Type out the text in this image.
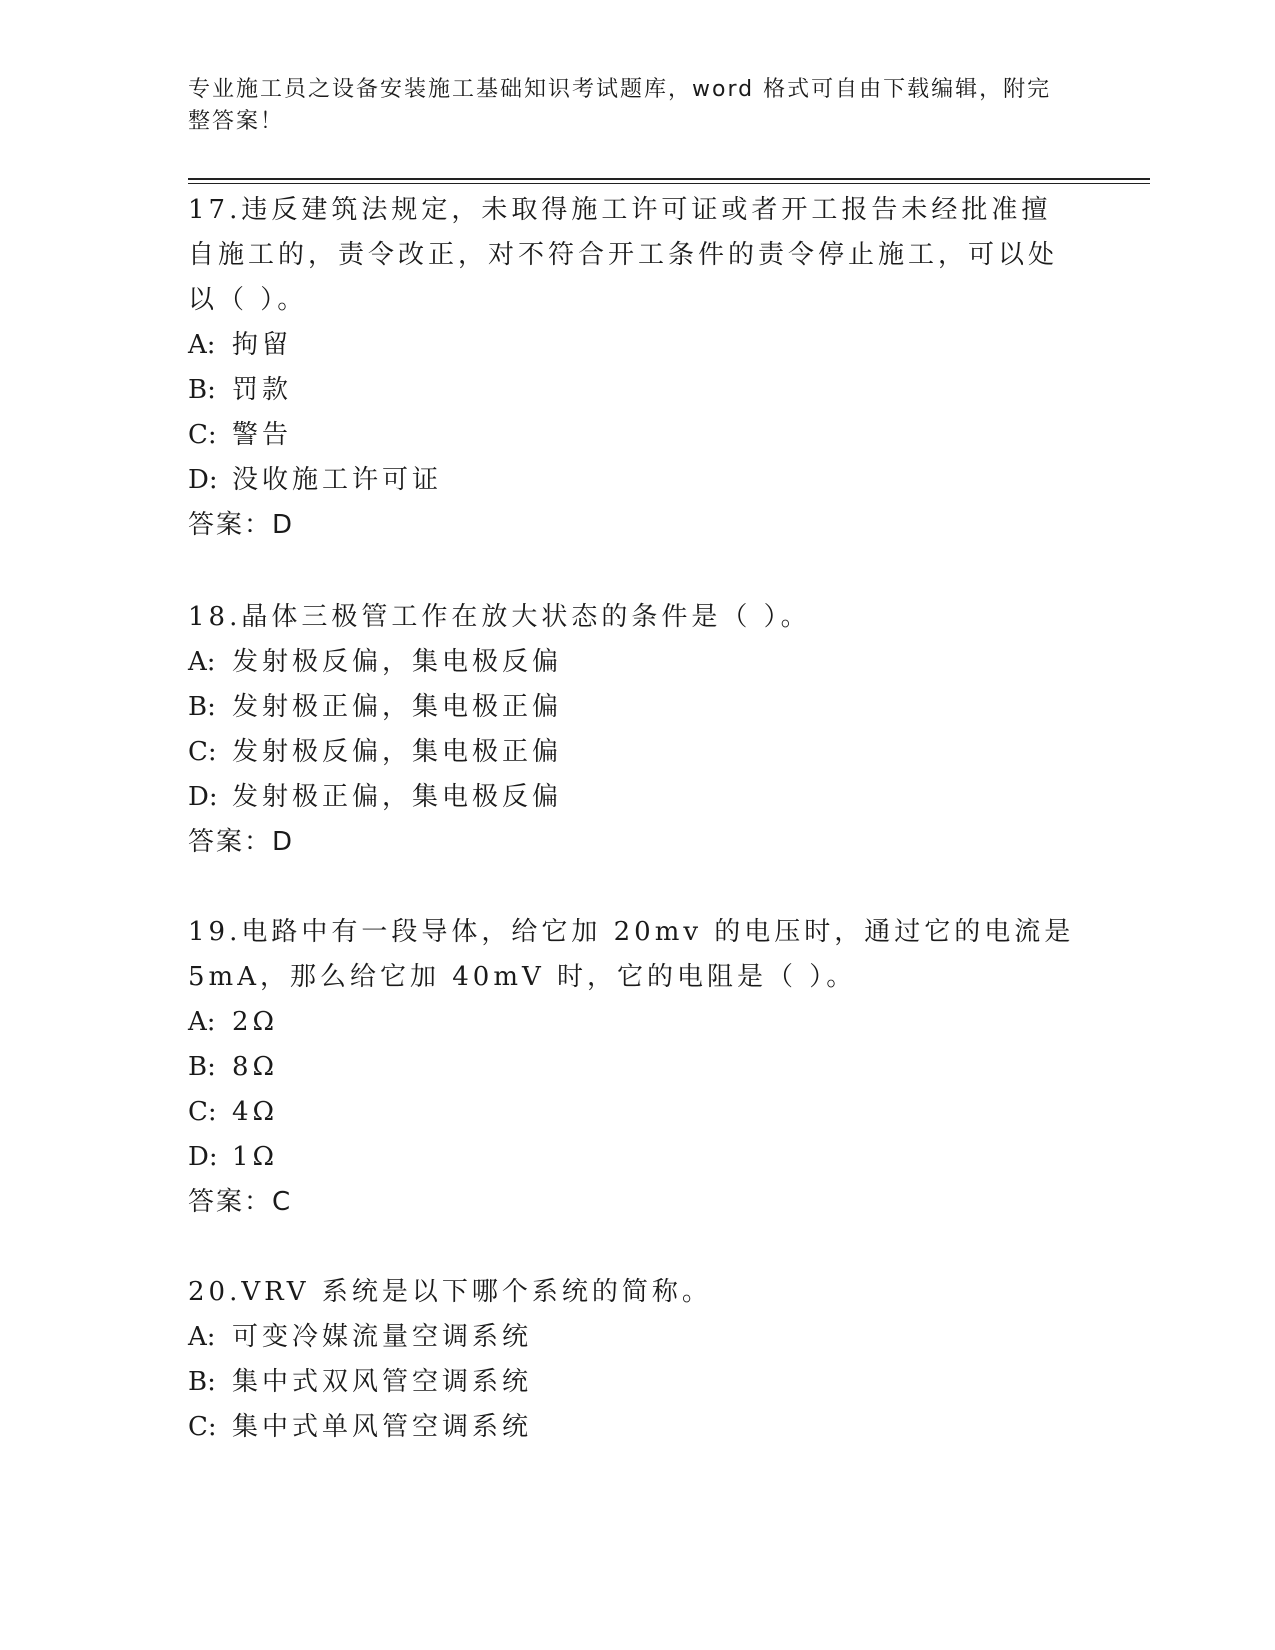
专业施工员之设备安装施工基础知识考试题库，word 格式可自由下载编辑，附完整答案！

17.违反建筑法规定，未取得施工许可证或者开工报告未经批准擅自施工的，责令改正，对不符合开工条件的责令停止施工，可以处以（ ）。

A: 拘留
B: 罚款
C: 警告
D: 没收施工许可证
答案：D

18.晶体三极管工作在放大状态的条件是（ ）。

A: 发射极反偏，集电极反偏
B: 发射极正偏，集电极正偏
C: 发射极反偏，集电极正偏
D: 发射极正偏，集电极反偏
答案：D

19.电路中有一段导体，给它加 20mv 的电压时，通过它的电流是 5mA，那么给它加 40mV 时，它的电阻是（ ）。

A: 2Ω
B: 8Ω
C: 4Ω
D: 1Ω
答案：C

20.VRV 系统是以下哪个系统的简称。

A: 可变冷媒流量空调系统
B: 集中式双风管空调系统
C: 集中式单风管空调系统
